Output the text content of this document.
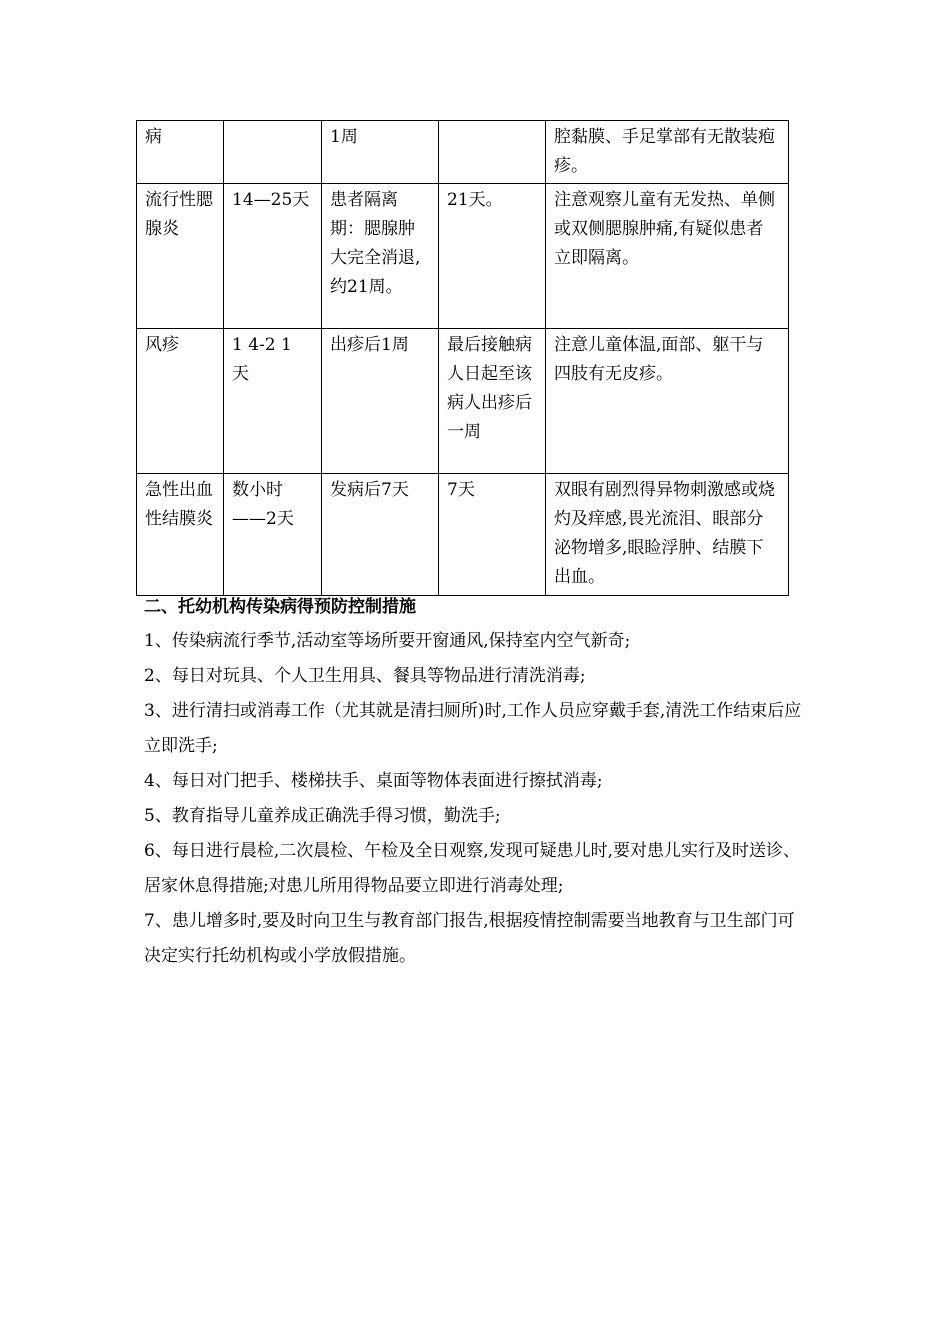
病		1周		腔黏膜、手足掌部有无散装疱疹。
流行性腮腺炎	14—25天	患者隔离期：腮腺肿大完全消退,约21周。	21天。	注意观察儿童有无发热、单侧或双侧腮腺肿痛,有疑似患者立即隔离。
风疹	1 4-2 1 天	出疹后1周	最后接触病人日起至该病人出疹后一周	注意儿童体温,面部、躯干与四肢有无皮疹。
急性出血性结膜炎	数小时——2天	发病后7天	7天	双眼有剧烈得异物刺激感或烧灼及痒感,畏光流泪、眼部分泌物增多,眼睑浮肿、结膜下出血。

二、托幼机构传染病得预防控制措施

1、传染病流行季节,活动室等场所要开窗通风,保持室内空气新奇;
2、每日对玩具、个人卫生用具、餐具等物品进行清洗消毒;
3、进行清扫或消毒工作（尤其就是清扫厕所)时,工作人员应穿戴手套,清洗工作结束后应立即洗手;
4、每日对门把手、楼梯扶手、桌面等物体表面进行擦拭消毒;
5、教育指导儿童养成正确洗手得习惯，勤洗手;
6、每日进行晨检,二次晨检、午检及全日观察,发现可疑患儿时,要对患儿实行及时送诊、居家休息得措施;对患儿所用得物品要立即进行消毒处理;
7、患儿增多时,要及时向卫生与教育部门报告,根据疫情控制需要当地教育与卫生部门可决定实行托幼机构或小学放假措施。
